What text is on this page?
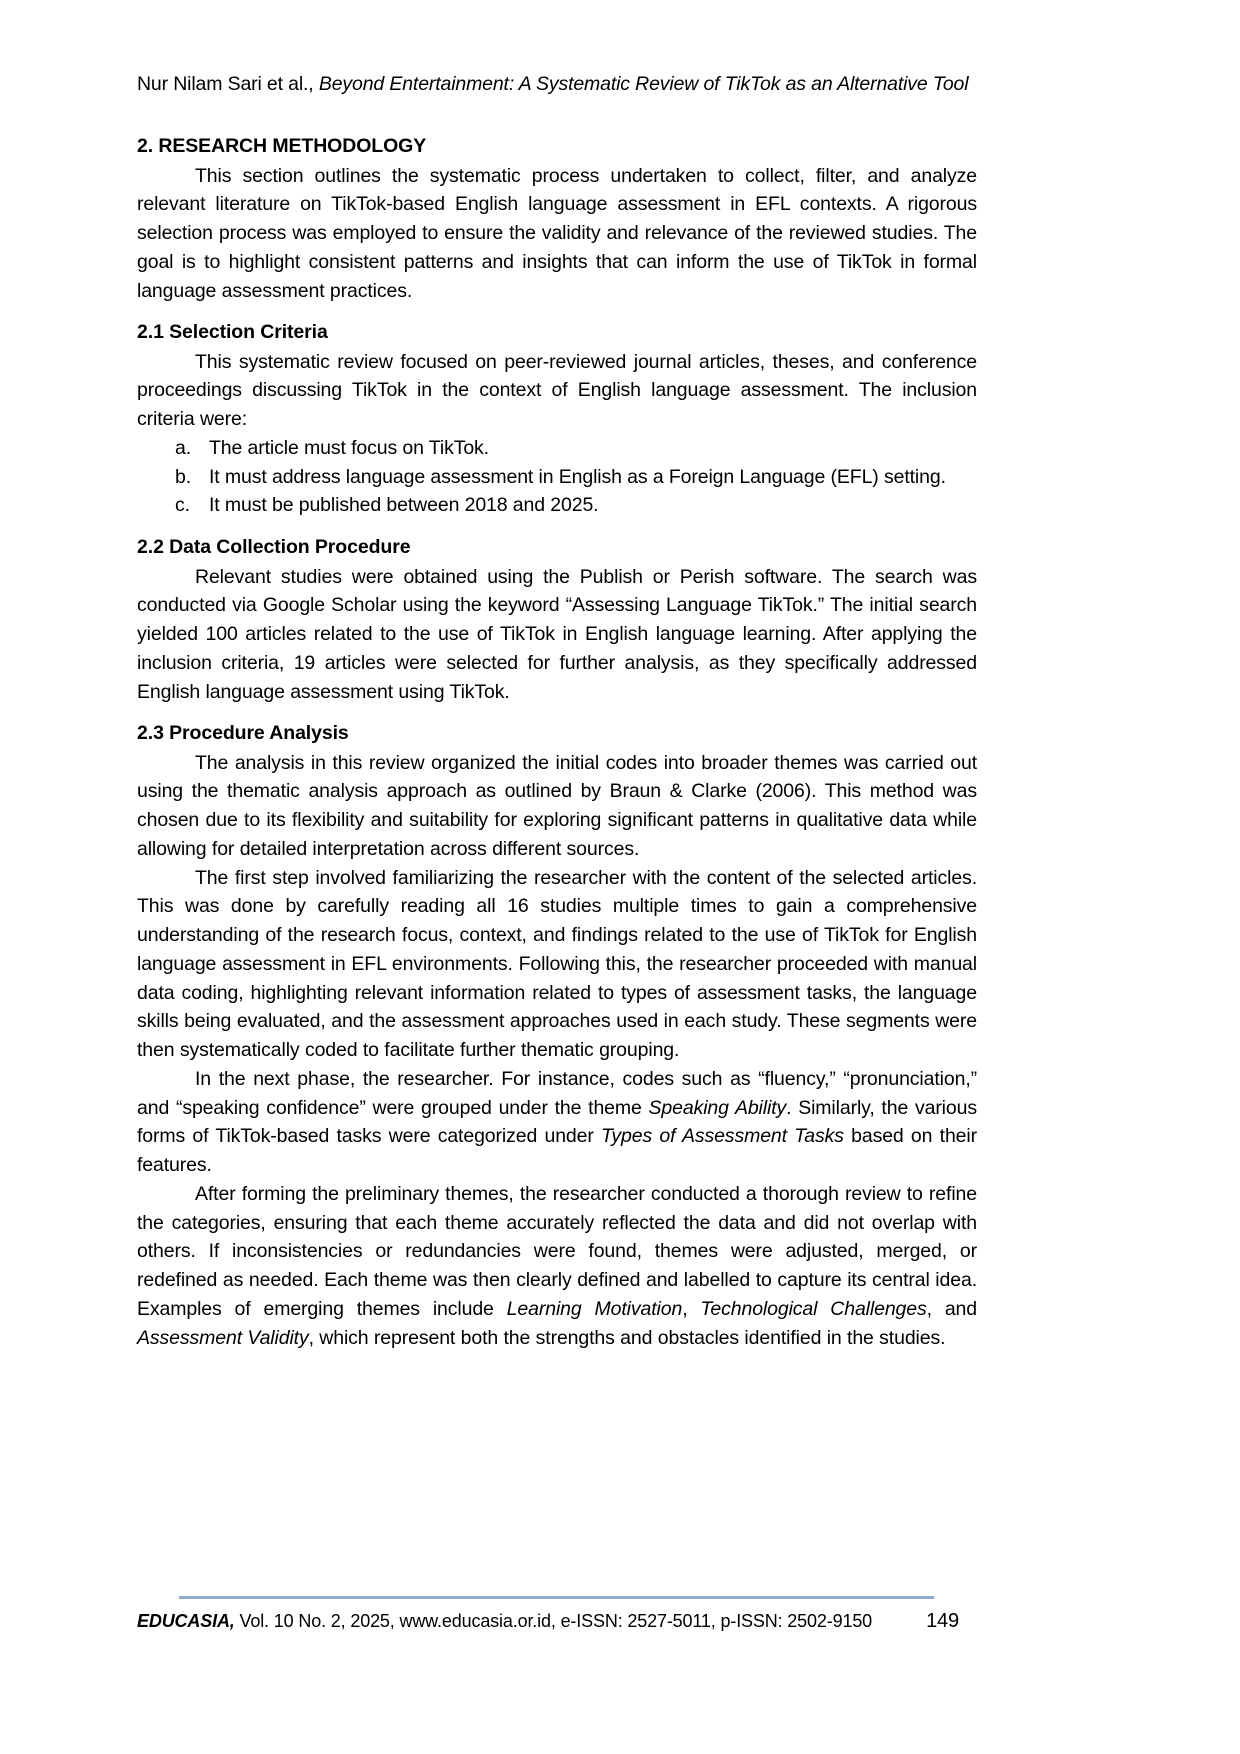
Nur Nilam Sari et al., Beyond Entertainment: A Systematic Review of TikTok as an Alternative Tool
2. RESEARCH METHODOLOGY

This section outlines the systematic process undertaken to collect, filter, and analyze relevant literature on TikTok-based English language assessment in EFL contexts. A rigorous selection process was employed to ensure the validity and relevance of the reviewed studies. The goal is to highlight consistent patterns and insights that can inform the use of TikTok in formal language assessment practices.

2.1 Selection Criteria

This systematic review focused on peer-reviewed journal articles, theses, and conference proceedings discussing TikTok in the context of English language assessment. The inclusion criteria were:

a. The article must focus on TikTok.
b. It must address language assessment in English as a Foreign Language (EFL) setting.
c. It must be published between 2018 and 2025.
2.2 Data Collection Procedure

Relevant studies were obtained using the Publish or Perish software. The search was conducted via Google Scholar using the keyword “Assessing Language TikTok.” The initial search yielded 100 articles related to the use of TikTok in English language learning. After applying the inclusion criteria, 19 articles were selected for further analysis, as they specifically addressed English language assessment using TikTok.

2.3 Procedure Analysis

The analysis in this review organized the initial codes into broader themes was carried out using the thematic analysis approach as outlined by Braun & Clarke (2006). This method was chosen due to its flexibility and suitability for exploring significant patterns in qualitative data while allowing for detailed interpretation across different sources.

The first step involved familiarizing the researcher with the content of the selected articles. This was done by carefully reading all 16 studies multiple times to gain a comprehensive understanding of the research focus, context, and findings related to the use of TikTok for English language assessment in EFL environments. Following this, the researcher proceeded with manual data coding, highlighting relevant information related to types of assessment tasks, the language skills being evaluated, and the assessment approaches used in each study. These segments were then systematically coded to facilitate further thematic grouping.

In the next phase, the researcher. For instance, codes such as “fluency,” “pronunciation,” and “speaking confidence” were grouped under the theme Speaking Ability. Similarly, the various forms of TikTok-based tasks were categorized under Types of Assessment Tasks based on their features.

After forming the preliminary themes, the researcher conducted a thorough review to refine the categories, ensuring that each theme accurately reflected the data and did not overlap with others. If inconsistencies or redundancies were found, themes were adjusted, merged, or redefined as needed. Each theme was then clearly defined and labelled to capture its central idea. Examples of emerging themes include Learning Motivation, Technological Challenges, and Assessment Validity, which represent both the strengths and obstacles identified in the studies.

EDUCASIA, Vol. 10 No. 2, 2025, www.educasia.or.id, e-ISSN: 2527-5011, p-ISSN: 2502-9150	149
